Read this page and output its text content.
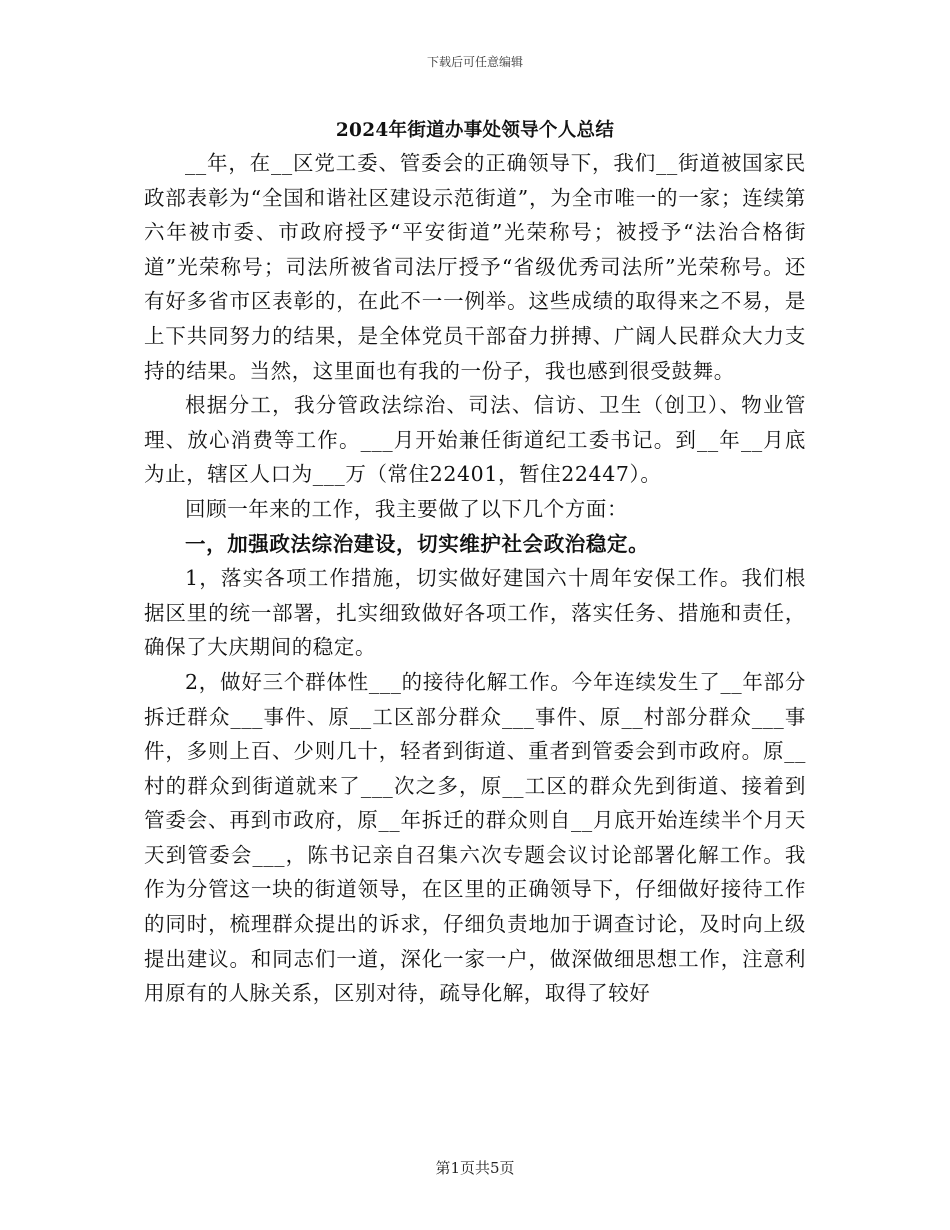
下载后可任意编辑
2024年街道办事处领导个人总结

__年，在__区党工委、管委会的正确领导下，我们__街道被国家民政部表彰为“全国和谐社区建设示范街道”，为全市唯一的一家；连续第六年被市委、市政府授予“平安街道”光荣称号；被授予“法治合格街道”光荣称号；司法所被省司法厅授予“省级优秀司法所”光荣称号。还有好多省市区表彰的，在此不一一例举。这些成绩的取得来之不易，是上下共同努力的结果，是全体党员干部奋力拼搏、广阔人民群众大力支持的结果。当然，这里面也有我的一份子，我也感到很受鼓舞。

根据分工，我分管政法综治、司法、信访、卫生（创卫）、物业管理、放心消费等工作。___月开始兼任街道纪工委书记。到__年__月底为止，辖区人口为___万（常住22401，暂住22447）。

回顾一年来的工作，我主要做了以下几个方面：

一，加强政法综治建设，切实维护社会政治稳定。

1，落实各项工作措施，切实做好建国六十周年安保工作。我们根据区里的统一部署，扎实细致做好各项工作，落实任务、措施和责任，确保了大庆期间的稳定。

2，做好三个群体性___的接待化解工作。今年连续发生了__年部分拆迁群众___事件、原__工区部分群众___事件、原__村部分群众___事件，多则上百、少则几十，轻者到街道、重者到管委会到市政府。原__村的群众到街道就来了___次之多，原__工区的群众先到街道、接着到管委会、再到市政府，原__年拆迁的群众则自__月底开始连续半个月天天到管委会___，陈书记亲自召集六次专题会议讨论部署化解工作。我作为分管这一块的街道领导，在区里的正确领导下，仔细做好接待工作的同时，梳理群众提出的诉求，仔细负责地加于调查讨论，及时向上级提出建议。和同志们一道，深化一家一户，做深做细思想工作，注意利用原有的人脉关系，区别对待，疏导化解，取得了较好

第1页共5页
